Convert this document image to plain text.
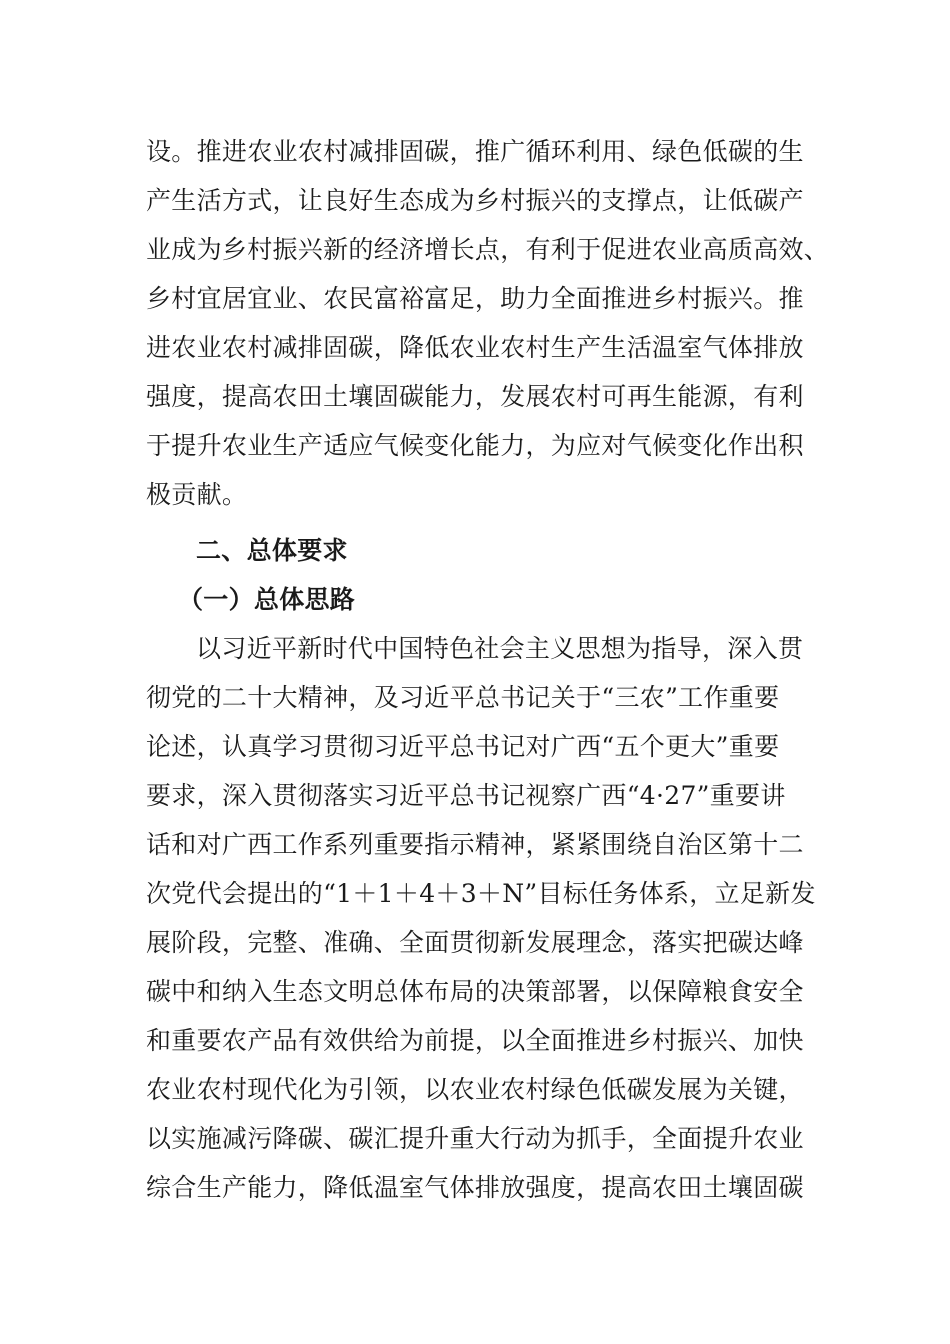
设。推进农业农村减排固碳，推广循环利用、绿色低碳的生
产生活方式，让良好生态成为乡村振兴的支撑点，让低碳产
业成为乡村振兴新的经济增长点，有利于促进农业高质高效、
乡村宜居宜业、农民富裕富足，助力全面推进乡村振兴。推
进农业农村减排固碳，降低农业农村生产生活温室气体排放
强度，提高农田土壤固碳能力，发展农村可再生能源，有利
于提升农业生产适应气候变化能力，为应对气候变化作出积
极贡献。
二、总体要求
（一）总体思路
以习近平新时代中国特色社会主义思想为指导，深入贯
彻党的二十大精神，及习近平总书记关于“三农”工作重要
论述，认真学习贯彻习近平总书记对广西“五个更大”重要
要求，深入贯彻落实习近平总书记视察广西“4·27”重要讲
话和对广西工作系列重要指示精神，紧紧围绕自治区第十二
次党代会提出的“1＋1＋4＋3＋N”目标任务体系，立足新发
展阶段，完整、准确、全面贯彻新发展理念，落实把碳达峰
碳中和纳入生态文明总体布局的决策部署，以保障粮食安全
和重要农产品有效供给为前提，以全面推进乡村振兴、加快
农业农村现代化为引领，以农业农村绿色低碳发展为关键，
以实施减污降碳、碳汇提升重大行动为抓手，全面提升农业
综合生产能力，降低温室气体排放强度，提高农田土壤固碳
